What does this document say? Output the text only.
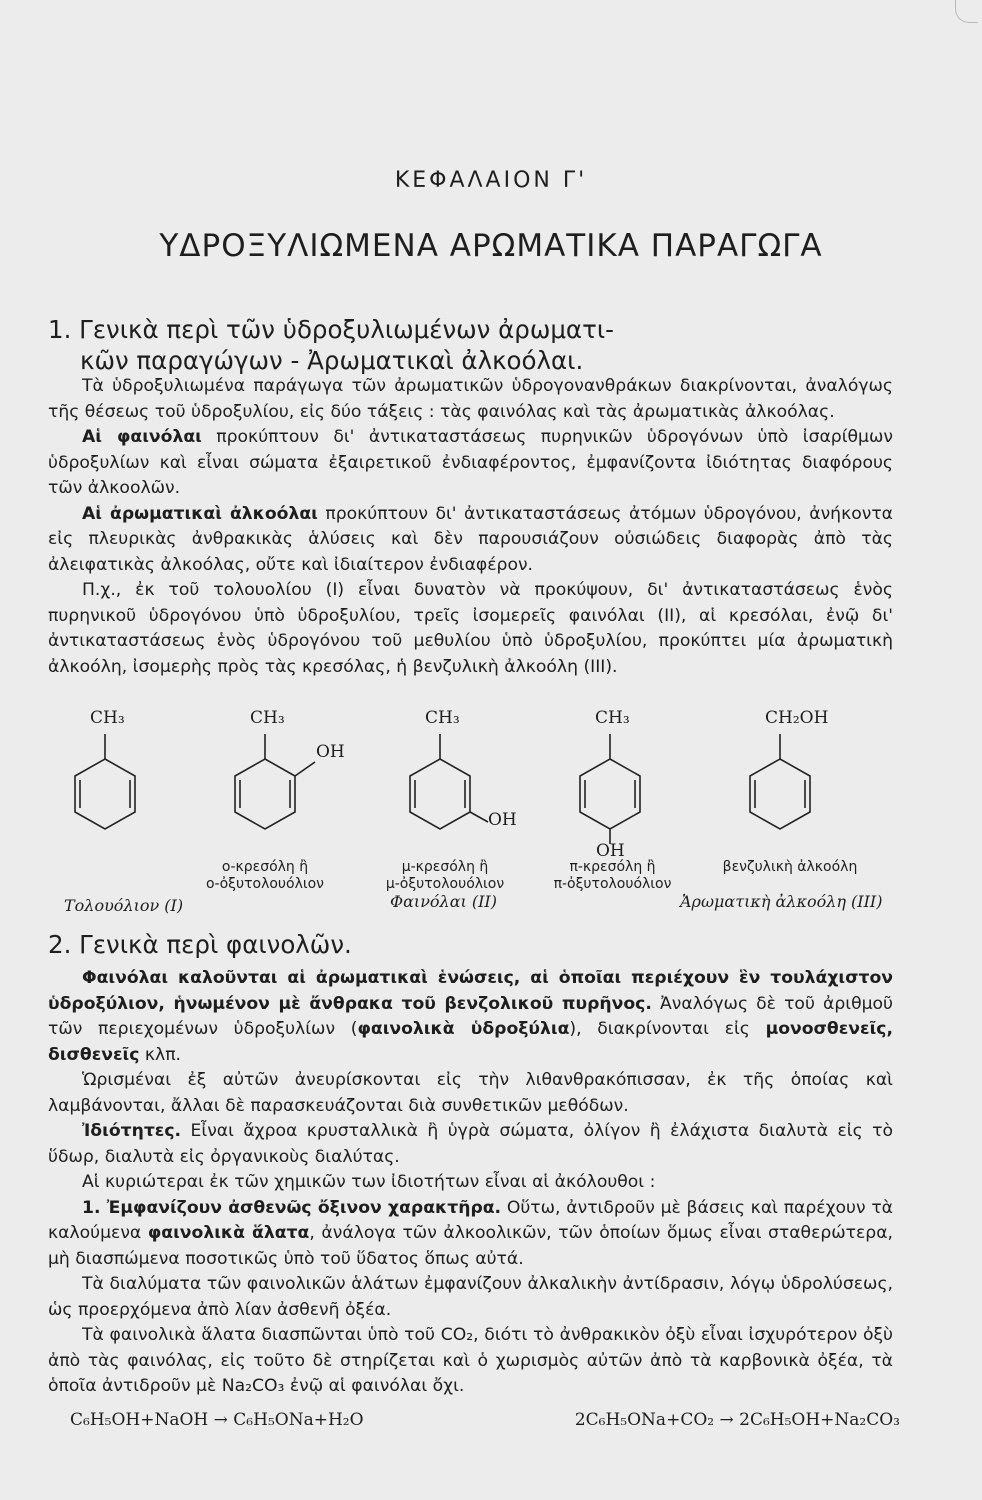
ΚΕΦΑΛΑΙΟΝ Γ'
ΥΔΡΟΞΥΛΙΩΜΕΝΑ ΑΡΩΜΑΤΙΚΑ ΠΑΡΑΓΩΓΑ
1. Γενικὰ περὶ τῶν ὑδροξυλιωμένων ἀρωματι-
κῶν παραγώγων - Ἀρωματικαὶ ἀλκοόλαι.

Τὰ ὑδροξυλιωμένα παράγωγα τῶν ἀρωματικῶν ὑδρογονανθράκων διακρίνονται, ἀναλόγως τῆς θέσεως τοῦ ὑδροξυλίου, εἰς δύο τάξεις : τὰς φαινόλας καὶ τὰς ἀρωματικὰς ἀλκοόλας.

Αἱ φαινόλαι προκύπτουν δι' ἀντικαταστάσεως πυρηνικῶν ὑδρογόνων ὑπὸ ἰσαρίθμων ὑδροξυλίων καὶ εἶναι σώματα ἐξαιρετικοῦ ἐνδιαφέροντος, ἐμφανίζοντα ἰδιότητας διαφόρους τῶν ἀλκοολῶν.

Αἱ ἀρωματικαὶ ἀλκοόλαι προκύπτουν δι' ἀντικαταστάσεως ἀτόμων ὑδρογόνου, ἀνήκοντα εἰς πλευρικὰς ἀνθρακικὰς ἁλύσεις καὶ δὲν παρουσιάζουν οὐσιώδεις διαφορὰς ἀπὸ τὰς ἀλειφατικὰς ἀλκοόλας, οὔτε καὶ ἰδιαίτερον ἐνδιαφέρον.

Π.χ., ἐκ τοῦ τολουολίου (Ι) εἶναι δυνατὸν νὰ προκύψουν, δι' ἀντικαταστάσεως ἑνὸς πυρηνικοῦ ὑδρογόνου ὑπὸ ὑδροξυλίου, τρεῖς ἰσομερεῖς φαινόλαι (ΙΙ), αἱ κρεσόλαι, ἐνῷ δι' ἀντικαταστάσεως ἑνὸς ὑδρογόνου τοῦ μεθυλίου ὑπὸ ὑδροξυλίου, προκύπτει μία ἀρωματικὴ ἀλκοόλη, ἰσομερὴς πρὸς τὰς κρεσόλας, ἡ βενζυλικὴ ἀλκοόλη (ΙΙΙ).

CH₃	CH₃
OH
CH₃
OH
CH₃
OH
CH₂OH
ο-κρεσόλη ἢ
ο-ὀξυτολουόλιον
μ-κρεσόλη ἢ
μ-ὀξυτολουόλιον
π-κρεσόλη ἢ
π-ὀξυτολουόλιον
βενζυλικὴ ἀλκοόλη
Τολουόλιον (Ι)	Φαινόλαι (ΙΙ)	Ἀρωματικὴ ἀλκοόλη (ΙΙΙ)
2. Γενικὰ περὶ φαινολῶν.

Φαινόλαι καλοῦνται αἱ ἀρωματικαὶ ἑνώσεις, αἱ ὁποῖαι περιέχουν ἓν τουλάχιστον ὑδροξύλιον, ἡνωμένον μὲ ἄνθρακα τοῦ βενζολικοῦ πυρῆνος. Ἀναλόγως δὲ τοῦ ἀριθμοῦ τῶν περιεχομένων ὑδροξυλίων (φαινολικὰ ὑδροξύλια), διακρίνονται εἰς μονοσθενεῖς, δισθενεῖς κλπ.

Ὡρισμέναι ἐξ αὐτῶν ἀνευρίσκονται εἰς τὴν λιθανθρακόπισσαν, ἐκ τῆς ὁποίας καὶ λαμβάνονται, ἄλλαι δὲ παρασκευάζονται διὰ συνθετικῶν μεθόδων.

Ἰδιότητες. Εἶναι ἄχροα κρυσταλλικὰ ἢ ὑγρὰ σώματα, ὀλίγον ἢ ἐλάχιστα διαλυτὰ εἰς τὸ ὕδωρ, διαλυτὰ εἰς ὀργανικοὺς διαλύτας.

Αἱ κυριώτεραι ἐκ τῶν χημικῶν των ἰδιοτήτων εἶναι αἱ ἀκόλουθοι :

1. Ἐμφανίζουν ἀσθενῶς ὄξινον χαρακτῆρα. Οὕτω, ἀντιδροῦν μὲ βάσεις καὶ παρέχουν τὰ καλούμενα φαινολικὰ ἅλατα, ἀνάλογα τῶν ἀλκοολικῶν, τῶν ὁποίων ὅμως εἶναι σταθερώτερα, μὴ διασπώμενα ποσοτικῶς ὑπὸ τοῦ ὕδατος ὅπως αὐτά.

Τὰ διαλύματα τῶν φαινολικῶν ἁλάτων ἐμφανίζουν ἀλκαλικὴν ἀντίδρασιν, λόγῳ ὑδρολύσεως, ὡς προερχόμενα ἀπὸ λίαν ἀσθενῆ ὀξέα.

Τὰ φαινολικὰ ἅλατα διασπῶνται ὑπὸ τοῦ CO₂, διότι τὸ ἀνθρακικὸν ὀξὺ εἶναι ἰσχυρότερον ὀξὺ ἀπὸ τὰς φαινόλας, εἰς τοῦτο δὲ στηρίζεται καὶ ὁ χωρισμὸς αὐτῶν ἀπὸ τὰ καρβονικὰ ὀξέα, τὰ ὁποῖα ἀντιδροῦν μὲ Na₂CO₃ ἐνῷ αἱ φαινόλαι ὄχι.

C₆H₅OH+NaOH → C₆H₅ONa+H₂O	2C₆H₅ONa+CO₂ → 2C₆H₅OH+Na₂CO₃
